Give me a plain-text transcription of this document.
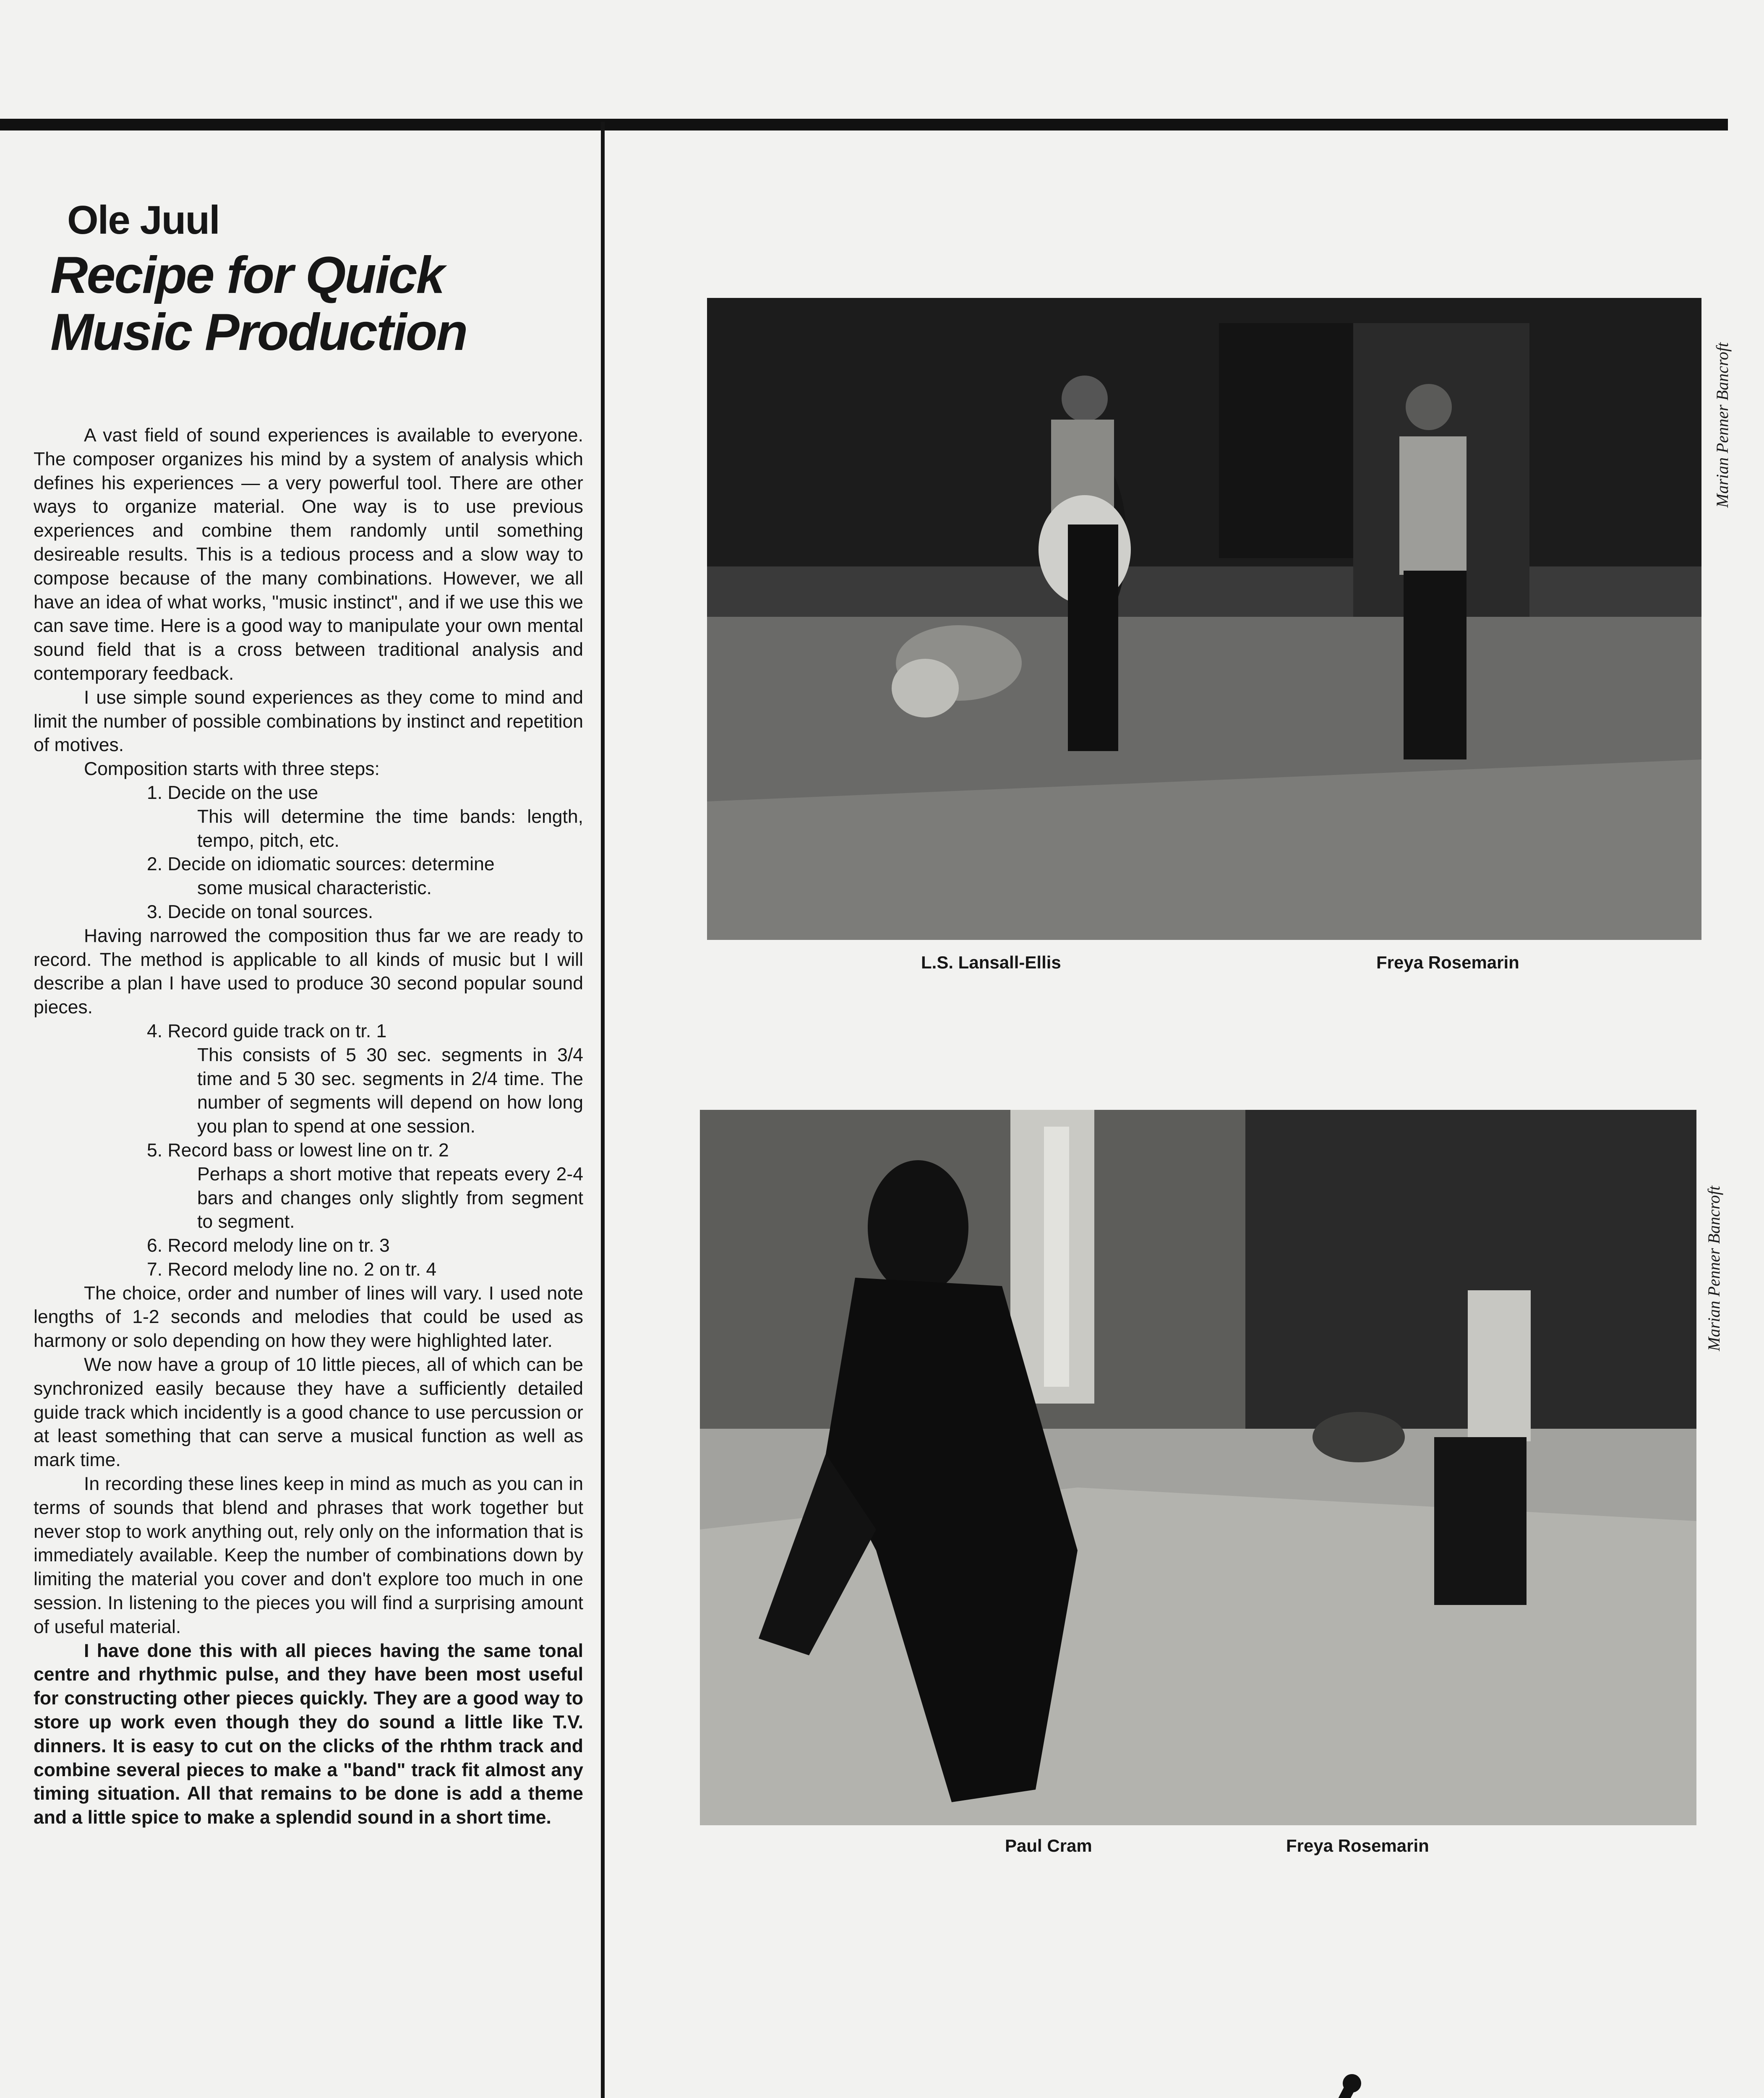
Ole Juul
Recipe for Quick Music Production

A vast field of sound experiences is available to everyone. The composer organizes his mind by a system of analysis which defines his experiences — a very powerful tool. There are other ways to organize material. One way is to use previous experiences and combine them randomly until something desireable results. This is a tedious process and a slow way to compose because of the many combinations. However, we all have an idea of what works, "music instinct", and if we use this we can save time. Here is a good way to manipulate your own mental sound field that is a cross between traditional analysis and contemporary feedback.

I use simple sound experiences as they come to mind and limit the number of possible combinations by instinct and repetition of motives.

Composition starts with three steps:

1. Decide on the use

This will determine the time bands: length, tempo, pitch, etc.

2. Decide on idiomatic sources: determine

some musical characteristic.

3. Decide on tonal sources.

Having narrowed the composition thus far we are ready to record. The method is applicable to all kinds of music but I will describe a plan I have used to produce 30 second popular sound pieces.

4. Record guide track on tr. 1

This consists of 5 30 sec. segments in 3/4 time and 5 30 sec. segments in 2/4 time. The number of segments will depend on how long you plan to spend at one session.

5. Record bass or lowest line on tr. 2

Perhaps a short motive that repeats every 2-4 bars and changes only slightly from segment to segment.

6. Record melody line on tr. 3

7. Record melody line no. 2 on tr. 4

The choice, order and number of lines will vary. I used note lengths of 1-2 seconds and melodies that could be used as harmony or solo depending on how they were highlighted later.

We now have a group of 10 little pieces, all of which can be synchronized easily because they have a sufficiently detailed guide track which incidently is a good chance to use percussion or at least something that can serve a musical function as well as mark time.

In recording these lines keep in mind as much as you can in terms of sounds that blend and phrases that work together but never stop to work anything out, rely only on the information that is immediately available. Keep the number of combinations down by limiting the material you cover and don't explore too much in one session. In listening to the pieces you will find a surprising amount of useful material.

I have done this with all pieces having the same tonal centre and rhythmic pulse, and they have been most useful for constructing other pieces quickly. They are a good way to store up work even though they do sound a little like T.V. dinners. It is easy to cut on the clicks of the rhthm track and combine several pieces to make a "band" track fit almost any timing situation. All that remains to be done is add a theme and a little spice to make a splendid sound in a short time.

Marian Penner Bancroft
L.S. Lansall-Ellis	Freya Rosemarin
Marian Penner Bancroft
Paul Cram	Freya Rosemarin
